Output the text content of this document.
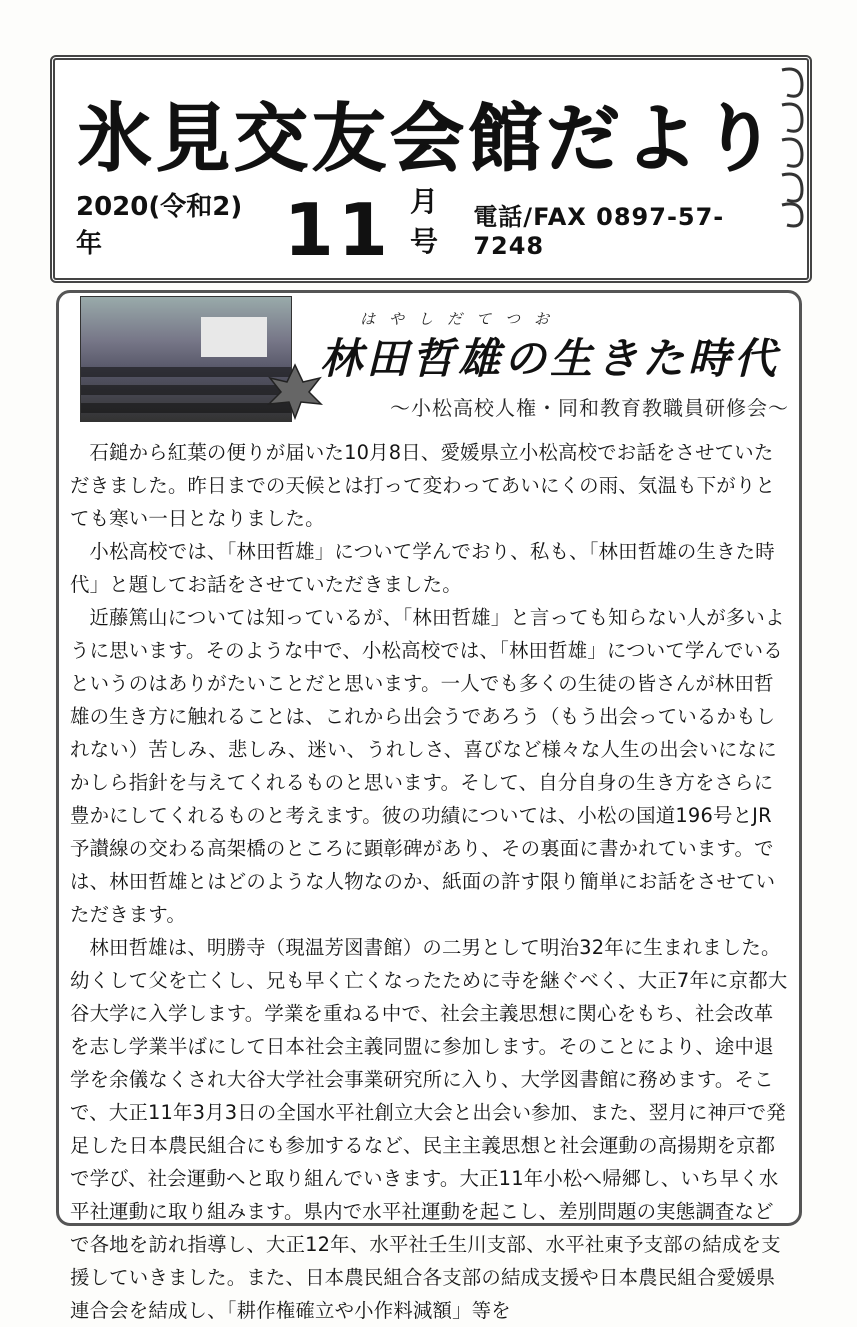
氷見交友会館だより
2020(令和2)年	11 月号
電話/FAX 0897-57-7248
はやしだてつお
林田哲雄の生きた時代
〜小松高校人権・同和教育教職員研修会〜

石鎚から紅葉の便りが届いた10月8日、愛媛県立小松高校でお話をさせていただきました。昨日までの天候とは打って変わってあいにくの雨、気温も下がりとても寒い一日となりました。

小松高校では、「林田哲雄」について学んでおり、私も、「林田哲雄の生きた時代」と題してお話をさせていただきました。

近藤篤山については知っているが、「林田哲雄」と言っても知らない人が多いように思います。そのような中で、小松高校では、「林田哲雄」について学んでいるというのはありがたいことだと思います。一人でも多くの生徒の皆さんが林田哲雄の生き方に触れることは、これから出会うであろう（もう出会っているかもしれない）苦しみ、悲しみ、迷い、うれしさ、喜びなど様々な人生の出会いになにかしら指針を与えてくれるものと思います。そして、自分自身の生き方をさらに豊かにしてくれるものと考えます。彼の功績については、小松の国道196号とJR予讃線の交わる高架橋のところに顕彰碑があり、その裏面に書かれています。では、林田哲雄とはどのような人物なのか、紙面の許す限り簡単にお話をさせていただきます。

林田哲雄は、明勝寺（現温芳図書館）の二男として明治32年に生まれました。幼くして父を亡くし、兄も早く亡くなったために寺を継ぐべく、大正7年に京都大谷大学に入学します。学業を重ねる中で、社会主義思想に関心をもち、社会改革を志し学業半ばにして日本社会主義同盟に参加します。そのことにより、途中退学を余儀なくされ大谷大学社会事業研究所に入り、大学図書館に務めます。そこで、大正11年3月3日の全国水平社創立大会と出会い参加、また、翌月に神戸で発足した日本農民組合にも参加するなど、民主主義思想と社会運動の高揚期を京都で学び、社会運動へと取り組んでいきます。大正11年小松へ帰郷し、いち早く水平社運動に取り組みます。県内で水平社運動を起こし、差別問題の実態調査などで各地を訪れ指導し、大正12年、水平社壬生川支部、水平社東予支部の結成を支援していきました。また、日本農民組合各支部の結成支援や日本農民組合愛媛県連合会を結成し、「耕作権確立や小作料減額」等を
